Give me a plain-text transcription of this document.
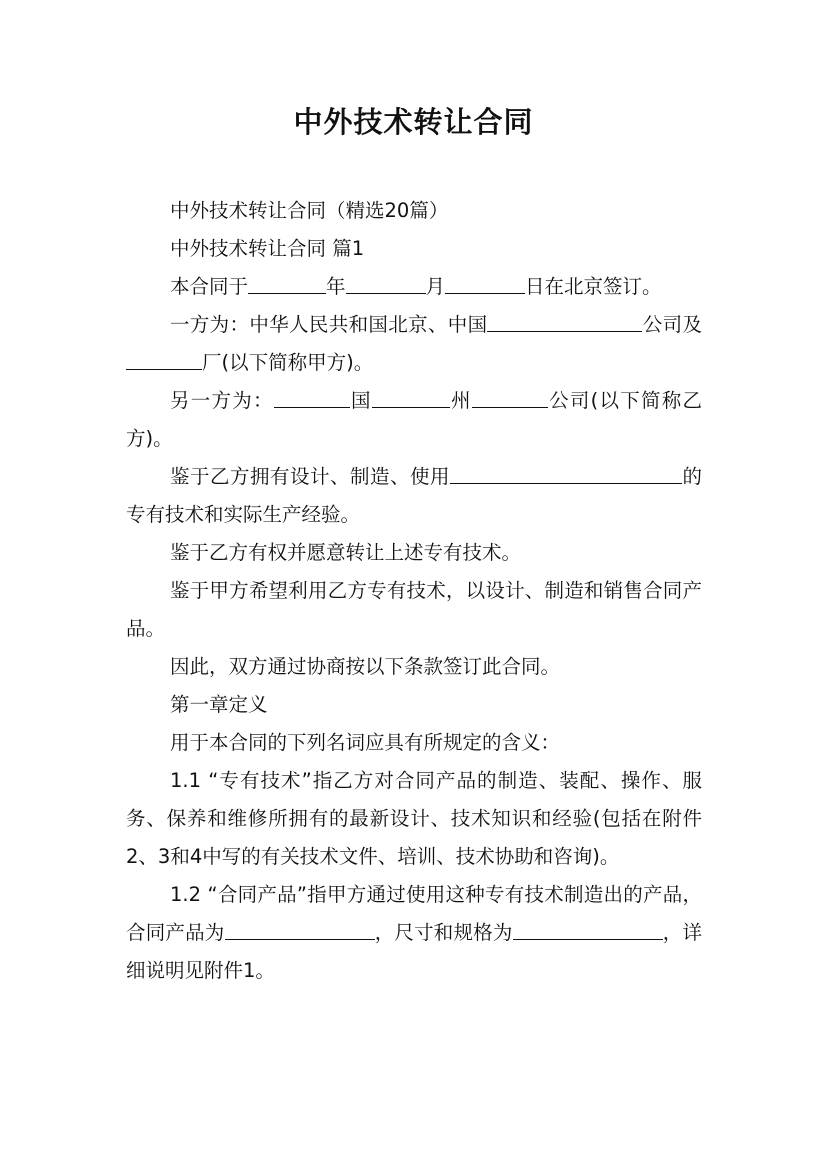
中外技术转让合同

中外技术转让合同（精选20篇）

中外技术转让合同 篇1

本合同于	年	月	日在北京签订。

一方为：中华人民共和国北京、中国	公司及厂(以下简称甲方)。

另一方为：	国	州	公司(以下简称乙方)。

鉴于乙方拥有设计、制造、使用	的专有技术和实际生产经验。

鉴于乙方有权并愿意转让上述专有技术。

鉴于甲方希望利用乙方专有技术，以设计、制造和销售合同产品。

因此，双方通过协商按以下条款签订此合同。

第一章定义

用于本合同的下列名词应具有所规定的含义：

1.1 “专有技术”指乙方对合同产品的制造、装配、操作、服务、保养和维修所拥有的最新设计、技术知识和经验(包括在附件2、3和4中写的有关技术文件、培训、技术协助和咨询)。

1.2 “合同产品”指甲方通过使用这种专有技术制造出的产品，合同产品为	，尺寸和规格为	，详细说明见附件1。
